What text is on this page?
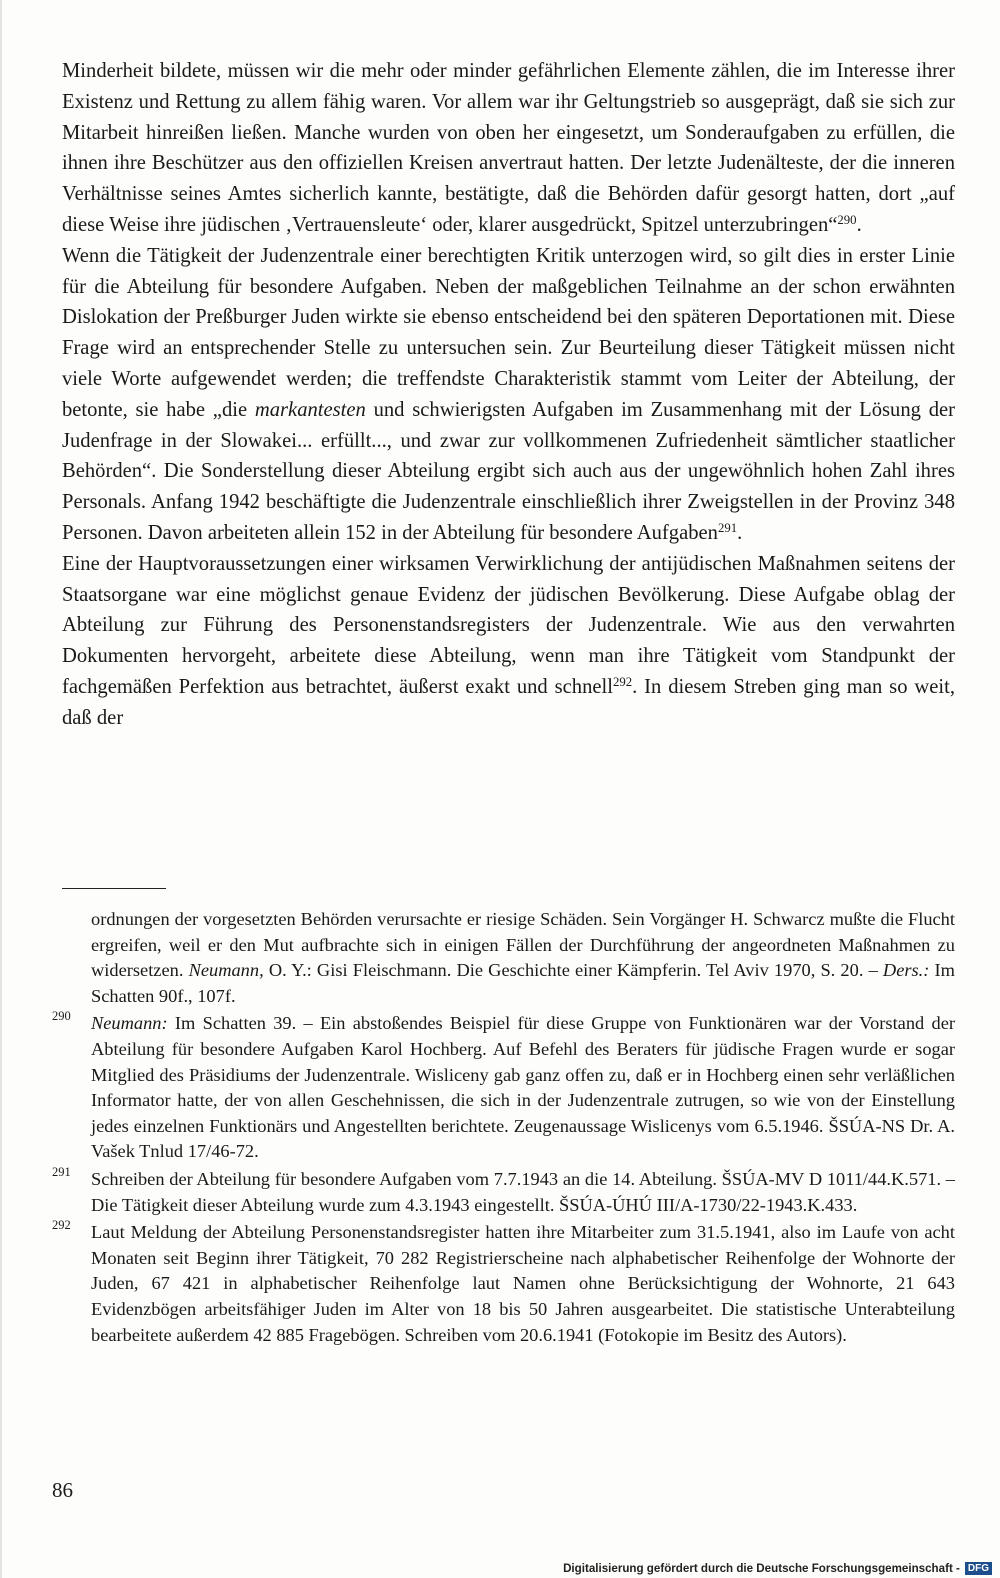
Minderheit bildete, müssen wir die mehr oder minder gefährlichen Elemente zählen, die im Interesse ihrer Existenz und Rettung zu allem fähig waren. Vor allem war ihr Geltungstrieb so ausgeprägt, daß sie sich zur Mitarbeit hinreißen ließen. Manche wurden von oben her eingesetzt, um Sonderaufgaben zu erfüllen, die ihnen ihre Beschützer aus den offiziellen Kreisen anvertraut hatten. Der letzte Judenälteste, der die inneren Verhältnisse seines Amtes sicherlich kannte, bestätigte, daß die Behörden dafür gesorgt hatten, dort „auf diese Weise ihre jüdischen ‚Vertrauensleute‘ oder, klarer ausgedrückt, Spitzel unterzubringen“$^{290}$.

Wenn die Tätigkeit der Judenzentrale einer berechtigten Kritik unterzogen wird, so gilt dies in erster Linie für die Abteilung für besondere Aufgaben. Neben der maßgeblichen Teilnahme an der schon erwähnten Dislokation der Preßburger Juden wirkte sie ebenso entscheidend bei den späteren Deportationen mit. Diese Frage wird an entsprechender Stelle zu untersuchen sein. Zur Beurteilung dieser Tätigkeit müssen nicht viele Worte aufgewendet werden; die treffendste Charakteristik stammt vom Leiter der Abteilung, der betonte, sie habe „die markantesten und schwierigsten Aufgaben im Zusammenhang mit der Lösung der Judenfrage in der Slowakei... erfüllt..., und zwar zur vollkommenen Zufriedenheit sämtlicher staatlicher Behörden“. Die Sonderstellung dieser Abteilung ergibt sich auch aus der ungewöhnlich hohen Zahl ihres Personals. Anfang 1942 beschäftigte die Judenzentrale einschließlich ihrer Zweigstellen in der Provinz 348 Personen. Davon arbeiteten allein 152 in der Abteilung für besondere Aufgaben$^{291}$.

Eine der Hauptvoraussetzungen einer wirksamen Verwirklichung der antijüdischen Maßnahmen seitens der Staatsorgane war eine möglichst genaue Evidenz der jüdischen Bevölkerung. Diese Aufgabe oblag der Abteilung zur Führung des Personenstandsregisters der Judenzentrale. Wie aus den verwahrten Dokumenten hervorgeht, arbeitete diese Abteilung, wenn man ihre Tätigkeit vom Standpunkt der fachgemäßen Perfektion aus betrachtet, äußerst exakt und schnell$^{292}$. In diesem Streben ging man so weit, daß der

ordnungen der vorgesetzten Behörden verursachte er riesige Schäden. Sein Vorgänger H. Schwarcz mußte die Flucht ergreifen, weil er den Mut aufbrachte sich in einigen Fällen der Durchführung der angeordneten Maßnahmen zu widersetzen. Neumann, O. Y.: Gisi Fleischmann. Die Geschichte einer Kämpferin. Tel Aviv 1970, S. 20. – Ders.: Im Schatten 90f., 107f.

290 Neumann: Im Schatten 39. – Ein abstoßendes Beispiel für diese Gruppe von Funktionären war der Vorstand der Abteilung für besondere Aufgaben Karol Hochberg. Auf Befehl des Beraters für jüdische Fragen wurde er sogar Mitglied des Präsidiums der Judenzentrale. Wisliceny gab ganz offen zu, daß er in Hochberg einen sehr verläßlichen Informator hatte, der von allen Geschehnissen, die sich in der Judenzentrale zutrugen, so wie von der Einstellung jedes einzelnen Funktionärs und Angestellten berichtete. Zeugenaussage Wislicenys vom 6.5.1946. ŠSÚA-NS Dr. A. Vašek Tnlud 17/46-72.

291 Schreiben der Abteilung für besondere Aufgaben vom 7.7.1943 an die 14. Abteilung. ŠSÚA-MV D 1011/44.K.571. – Die Tätigkeit dieser Abteilung wurde zum 4.3.1943 eingestellt. ŠSÚA-ÚHÚ III/A-1730/22-1943.K.433.

292 Laut Meldung der Abteilung Personenstandsregister hatten ihre Mitarbeiter zum 31.5.1941, also im Laufe von acht Monaten seit Beginn ihrer Tätigkeit, 70 282 Registrierscheine nach alphabetischer Reihenfolge der Wohnorte der Juden, 67 421 in alphabetischer Reihenfolge laut Namen ohne Berücksichtigung der Wohnorte, 21 643 Evidenzbögen arbeitsfähiger Juden im Alter von 18 bis 50 Jahren ausgearbeitet. Die statistische Unterabteilung bearbeitete außerdem 42 885 Fragebögen. Schreiben vom 20.6.1941 (Fotokopie im Besitz des Autors).

86
Digitalisierung gefördert durch die Deutsche Forschungsgemeinschaft - DFG
